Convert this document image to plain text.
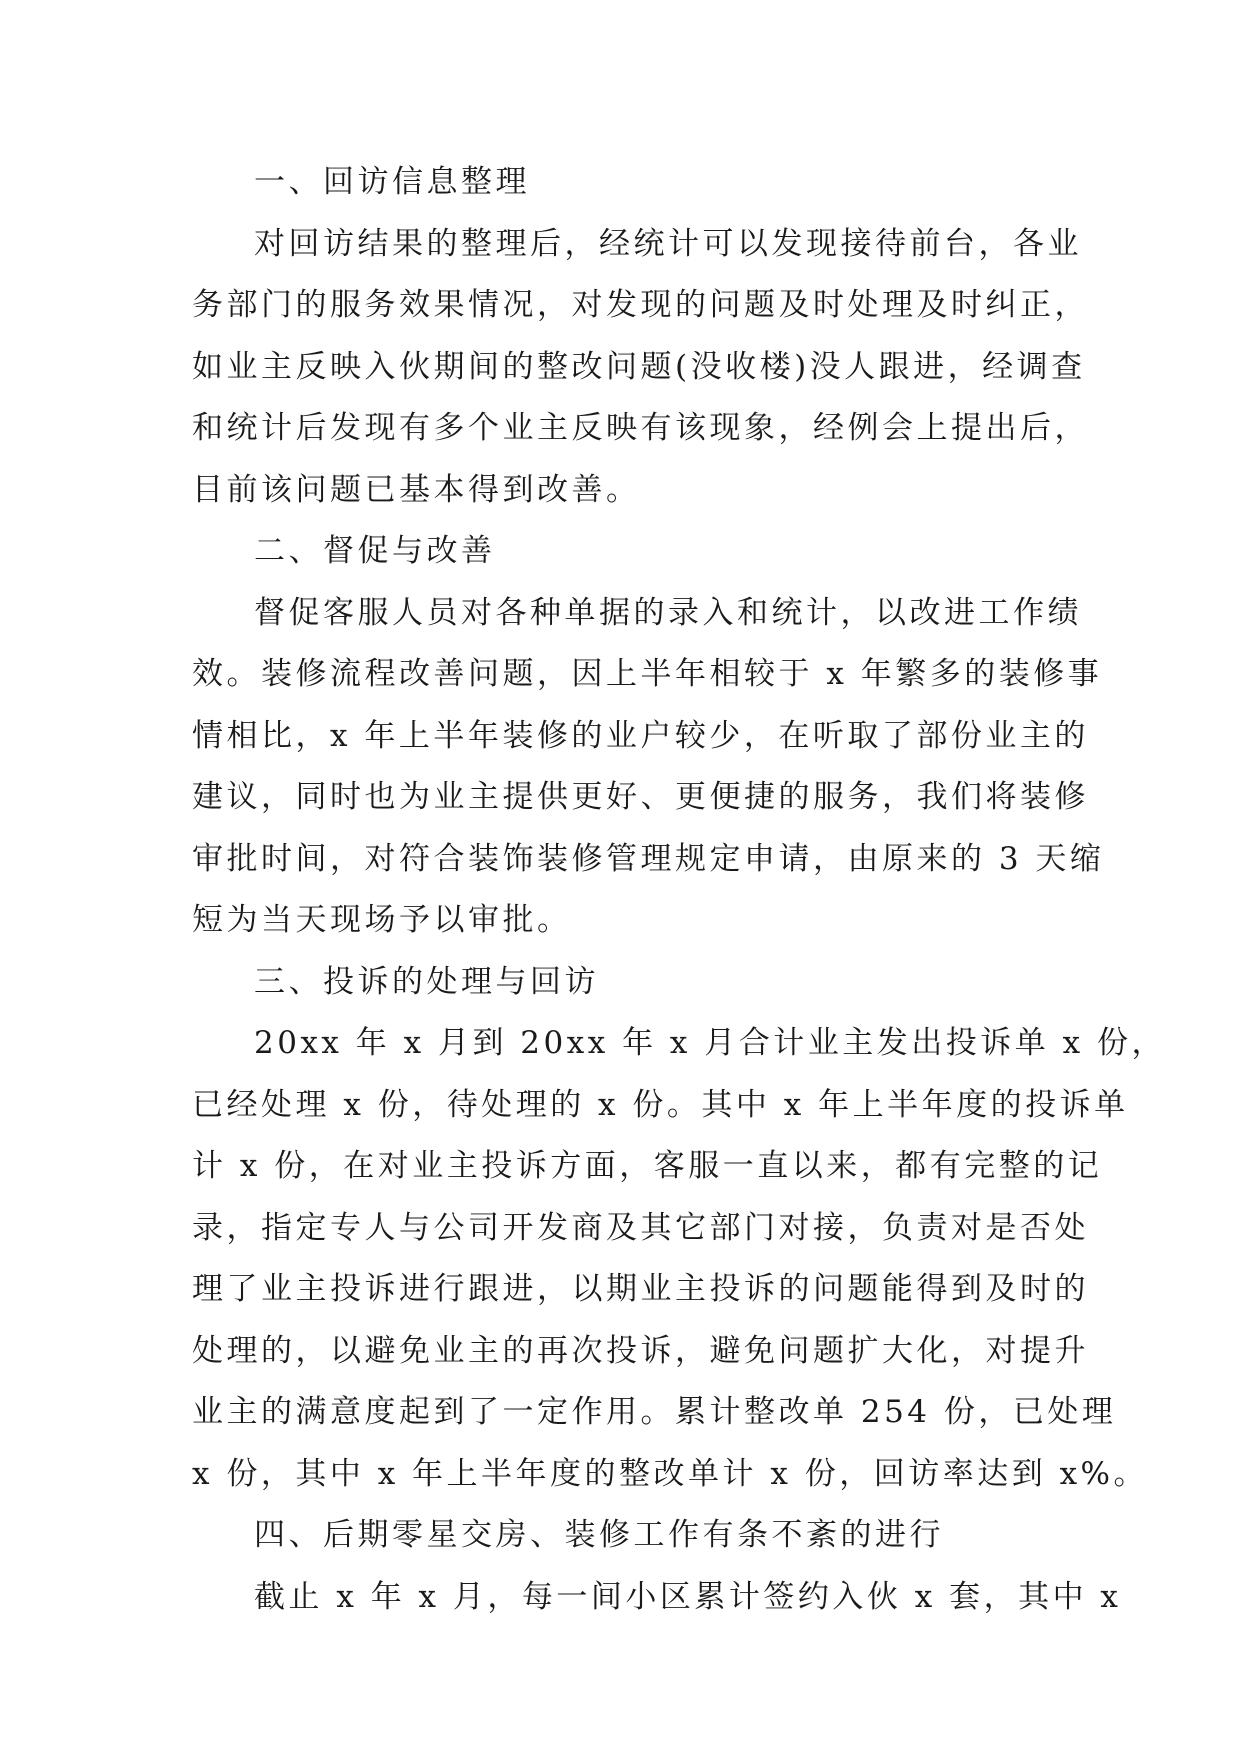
一、回访信息整理
对回访结果的整理后，经统计可以发现接待前台，各业
务部门的服务效果情况，对发现的问题及时处理及时纠正，
如业主反映入伙期间的整改问题(没收楼)没人跟进，经调查
和统计后发现有多个业主反映有该现象，经例会上提出后，
目前该问题已基本得到改善。
二、督促与改善
督促客服人员对各种单据的录入和统计，以改进工作绩
效。装修流程改善问题，因上半年相较于 x 年繁多的装修事
情相比，x 年上半年装修的业户较少，在听取了部份业主的
建议，同时也为业主提供更好、更便捷的服务，我们将装修
审批时间，对符合装饰装修管理规定申请，由原来的 3 天缩
短为当天现场予以审批。
三、投诉的处理与回访
20xx 年 x 月到 20xx 年 x 月合计业主发出投诉单 x 份，
已经处理 x 份，待处理的 x 份。其中 x 年上半年度的投诉单
计 x 份，在对业主投诉方面，客服一直以来，都有完整的记
录，指定专人与公司开发商及其它部门对接，负责对是否处
理了业主投诉进行跟进，以期业主投诉的问题能得到及时的
处理的，以避免业主的再次投诉，避免问题扩大化，对提升
业主的满意度起到了一定作用。累计整改单 254 份，已处理
x 份，其中 x 年上半年度的整改单计 x 份，回访率达到 x%。
四、后期零星交房、装修工作有条不紊的进行
截止 x 年 x 月，每一间小区累计签约入伙 x 套，其中 x
